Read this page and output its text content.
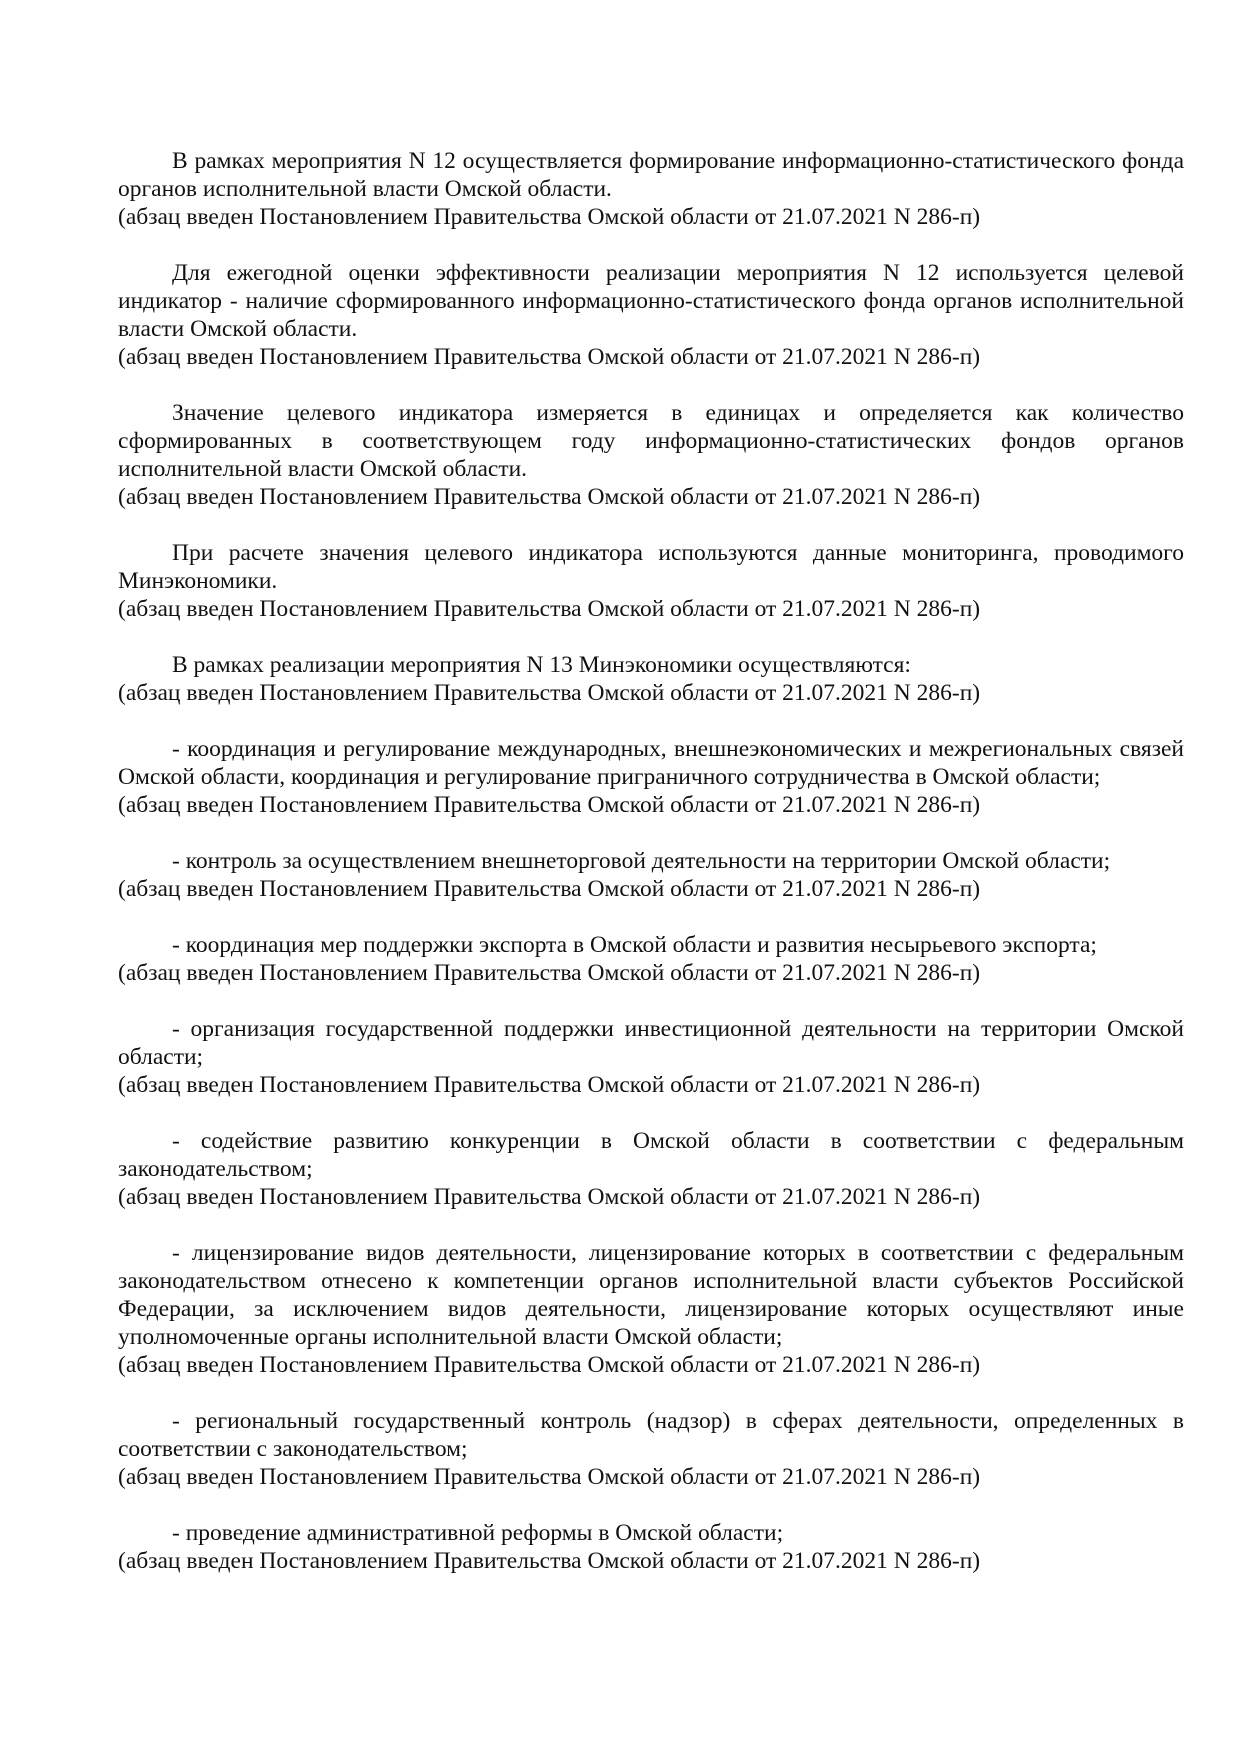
В рамках мероприятия N 12 осуществляется формирование информационно-статистического фонда органов исполнительной власти Омской области.

(абзац введен Постановлением Правительства Омской области от 21.07.2021 N 286-п)

Для ежегодной оценки эффективности реализации мероприятия N 12 используется целевой индикатор - наличие сформированного информационно-статистического фонда органов исполнительной власти Омской области.

(абзац введен Постановлением Правительства Омской области от 21.07.2021 N 286-п)

Значение целевого индикатора измеряется в единицах и определяется как количество сформированных в соответствующем году информационно-статистических фондов органов исполнительной власти Омской области.

(абзац введен Постановлением Правительства Омской области от 21.07.2021 N 286-п)

При расчете значения целевого индикатора используются данные мониторинга, проводимого Минэкономики.

(абзац введен Постановлением Правительства Омской области от 21.07.2021 N 286-п)

В рамках реализации мероприятия N 13 Минэкономики осуществляются:

(абзац введен Постановлением Правительства Омской области от 21.07.2021 N 286-п)

- координация и регулирование международных, внешнеэкономических и межрегиональных связей Омской области, координация и регулирование приграничного сотрудничества в Омской области;

(абзац введен Постановлением Правительства Омской области от 21.07.2021 N 286-п)

- контроль за осуществлением внешнеторговой деятельности на территории Омской области;

(абзац введен Постановлением Правительства Омской области от 21.07.2021 N 286-п)

- координация мер поддержки экспорта в Омской области и развития несырьевого экспорта;

(абзац введен Постановлением Правительства Омской области от 21.07.2021 N 286-п)

- организация государственной поддержки инвестиционной деятельности на территории Омской области;

(абзац введен Постановлением Правительства Омской области от 21.07.2021 N 286-п)

- содействие развитию конкуренции в Омской области в соответствии с федеральным законодательством;

(абзац введен Постановлением Правительства Омской области от 21.07.2021 N 286-п)

- лицензирование видов деятельности, лицензирование которых в соответствии с федеральным законодательством отнесено к компетенции органов исполнительной власти субъектов Российской Федерации, за исключением видов деятельности, лицензирование которых осуществляют иные уполномоченные органы исполнительной власти Омской области;

(абзац введен Постановлением Правительства Омской области от 21.07.2021 N 286-п)

- региональный государственный контроль (надзор) в сферах деятельности, определенных в соответствии с законодательством;

(абзац введен Постановлением Правительства Омской области от 21.07.2021 N 286-п)

- проведение административной реформы в Омской области;

(абзац введен Постановлением Правительства Омской области от 21.07.2021 N 286-п)
